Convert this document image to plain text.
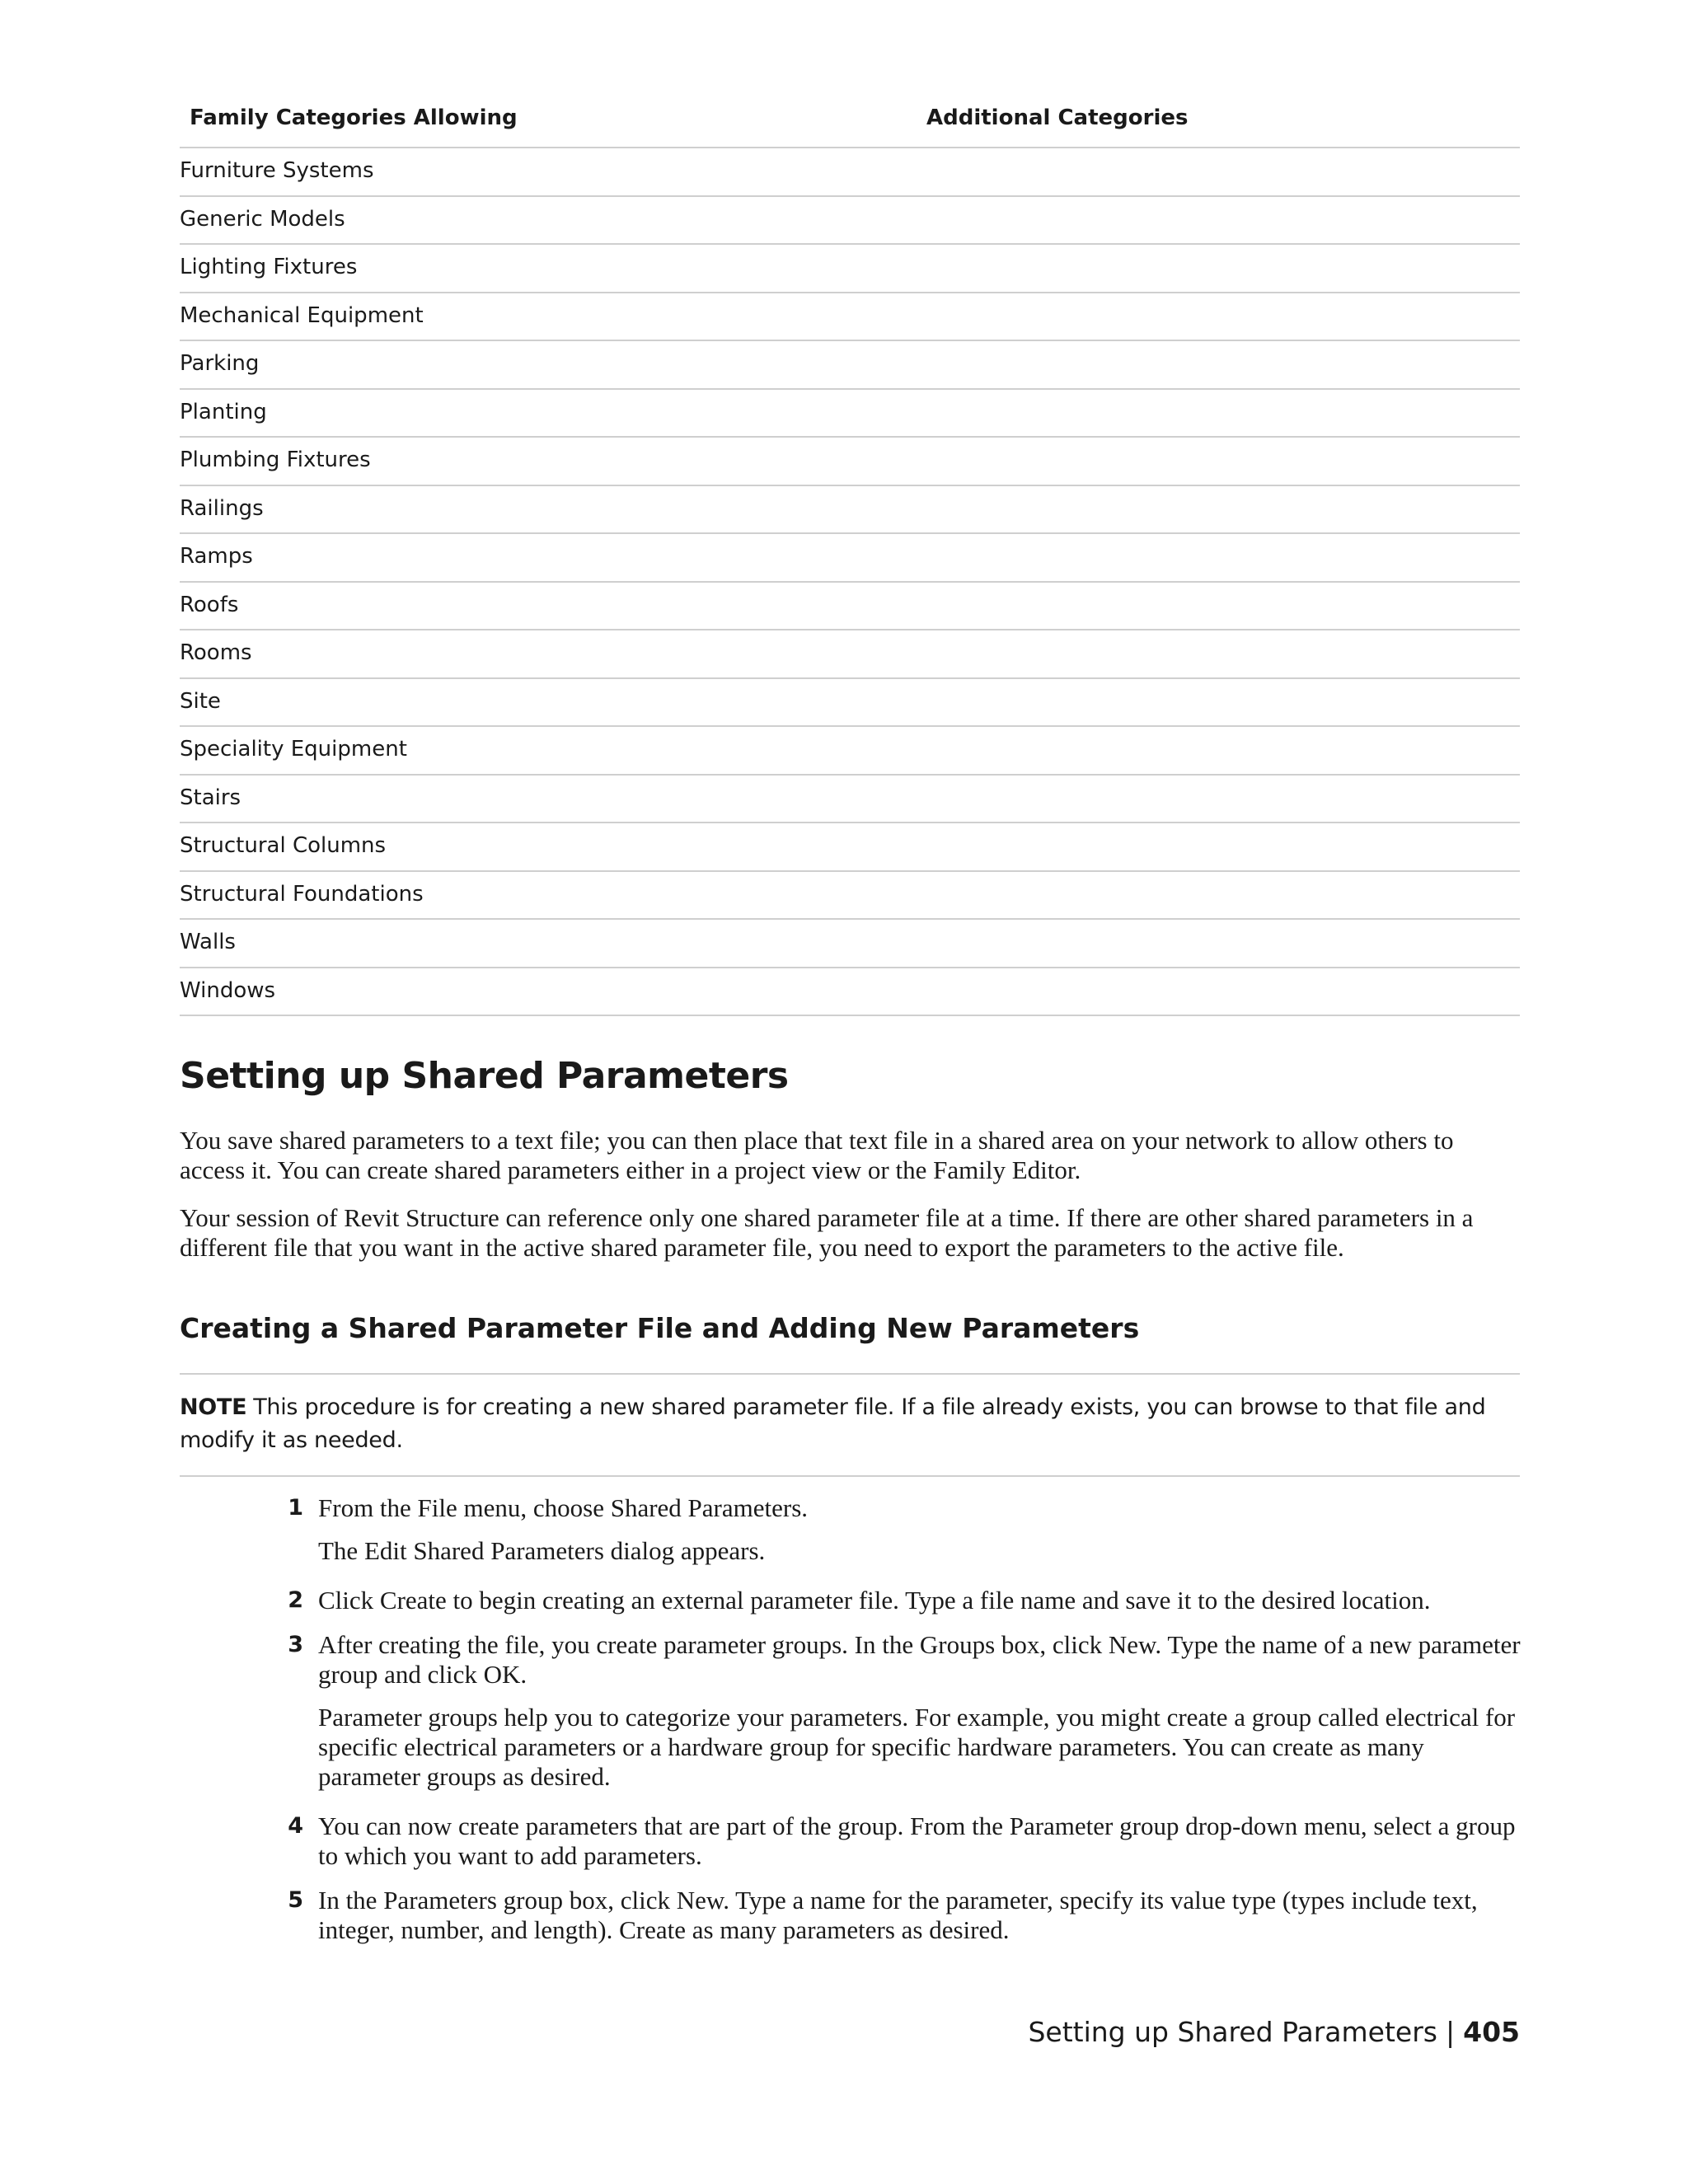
Family Categories Allowing	Additional Categories
Furniture Systems
Generic Models
Lighting Fixtures
Mechanical Equipment
Parking
Planting
Plumbing Fixtures
Railings
Ramps
Roofs
Rooms
Site
Speciality Equipment
Stairs
Structural Columns
Structural Foundations
Walls
Windows
Setting up Shared Parameters
You save shared parameters to a text file; you can then place that text file in a shared area on your network to allow others to access it. You can create shared parameters either in a project view or the Family Editor.
Your session of Revit Structure can reference only one shared parameter file at a time. If there are other shared parameters in a different file that you want in the active shared parameter file, you need to export the parameters to the active file.
Creating a Shared Parameter File and Adding New Parameters
NOTE This procedure is for creating a new shared parameter file. If a file already exists, you can browse to that file and modify it as needed.
1 From the File menu, choose Shared Parameters.
The Edit Shared Parameters dialog appears.
2 Click Create to begin creating an external parameter file. Type a file name and save it to the desired location.
3 After creating the file, you create parameter groups. In the Groups box, click New. Type the name of a new parameter group and click OK.
Parameter groups help you to categorize your parameters. For example, you might create a group called electrical for specific electrical parameters or a hardware group for specific hardware parameters. You can create as many parameter groups as desired.
4 You can now create parameters that are part of the group. From the Parameter group drop-down menu, select a group to which you want to add parameters.
5 In the Parameters group box, click New. Type a name for the parameter, specify its value type (types include text, integer, number, and length). Create as many parameters as desired.
Setting up Shared Parameters | 405
